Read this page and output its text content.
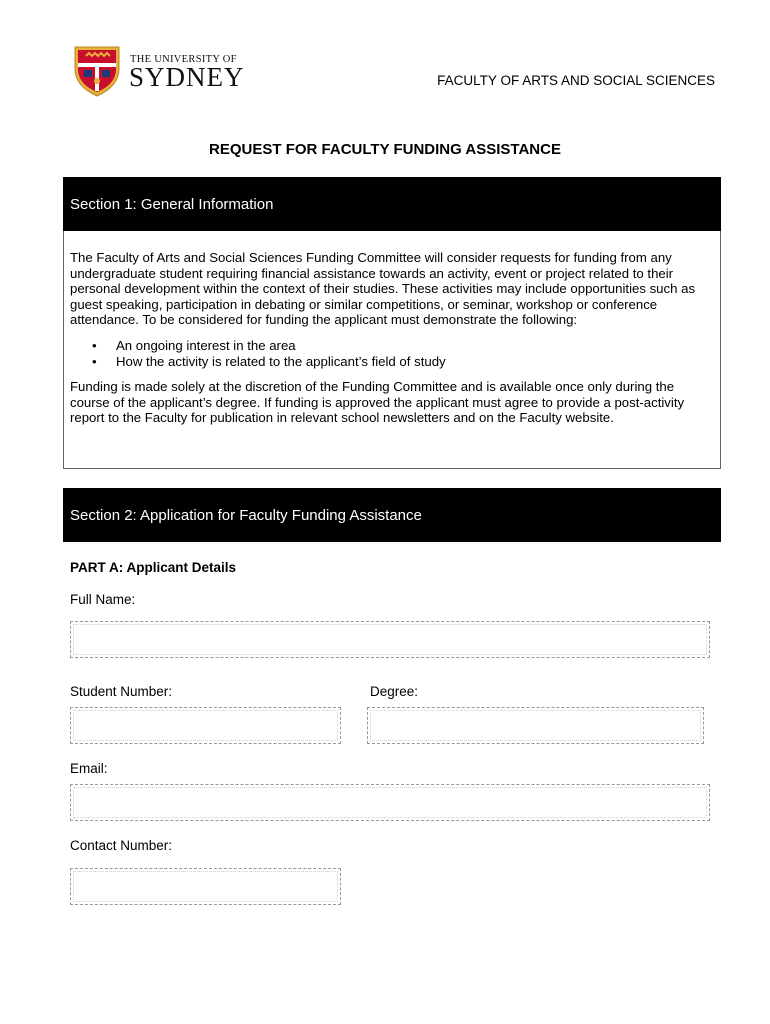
THE UNIVERSITY OF
SYDNEY	FACULTY OF ARTS AND SOCIAL SCIENCES
REQUEST FOR FACULTY FUNDING ASSISTANCE
Section 1: General Information

The Faculty of Arts and Social Sciences Funding Committee will consider requests for funding from any undergraduate student requiring financial assistance towards an activity, event or project related to their personal development within the context of their studies. These activities may include opportunities such as guest speaking, participation in debating or similar competitions, or seminar, workshop or conference attendance. To be considered for funding the applicant must demonstrate the following:

• An ongoing interest in the area
• How the activity is related to the applicant’s field of study

Funding is made solely at the discretion of the Funding Committee and is available once only during the course of the applicant’s degree. If funding is approved the applicant must agree to provide a post-activity report to the Faculty for publication in relevant school newsletters and on the Faculty website.

Section 2: Application for Faculty Funding Assistance
PART A: Applicant Details
Full Name:
Student Number:	Degree:
Email:
Contact Number:
